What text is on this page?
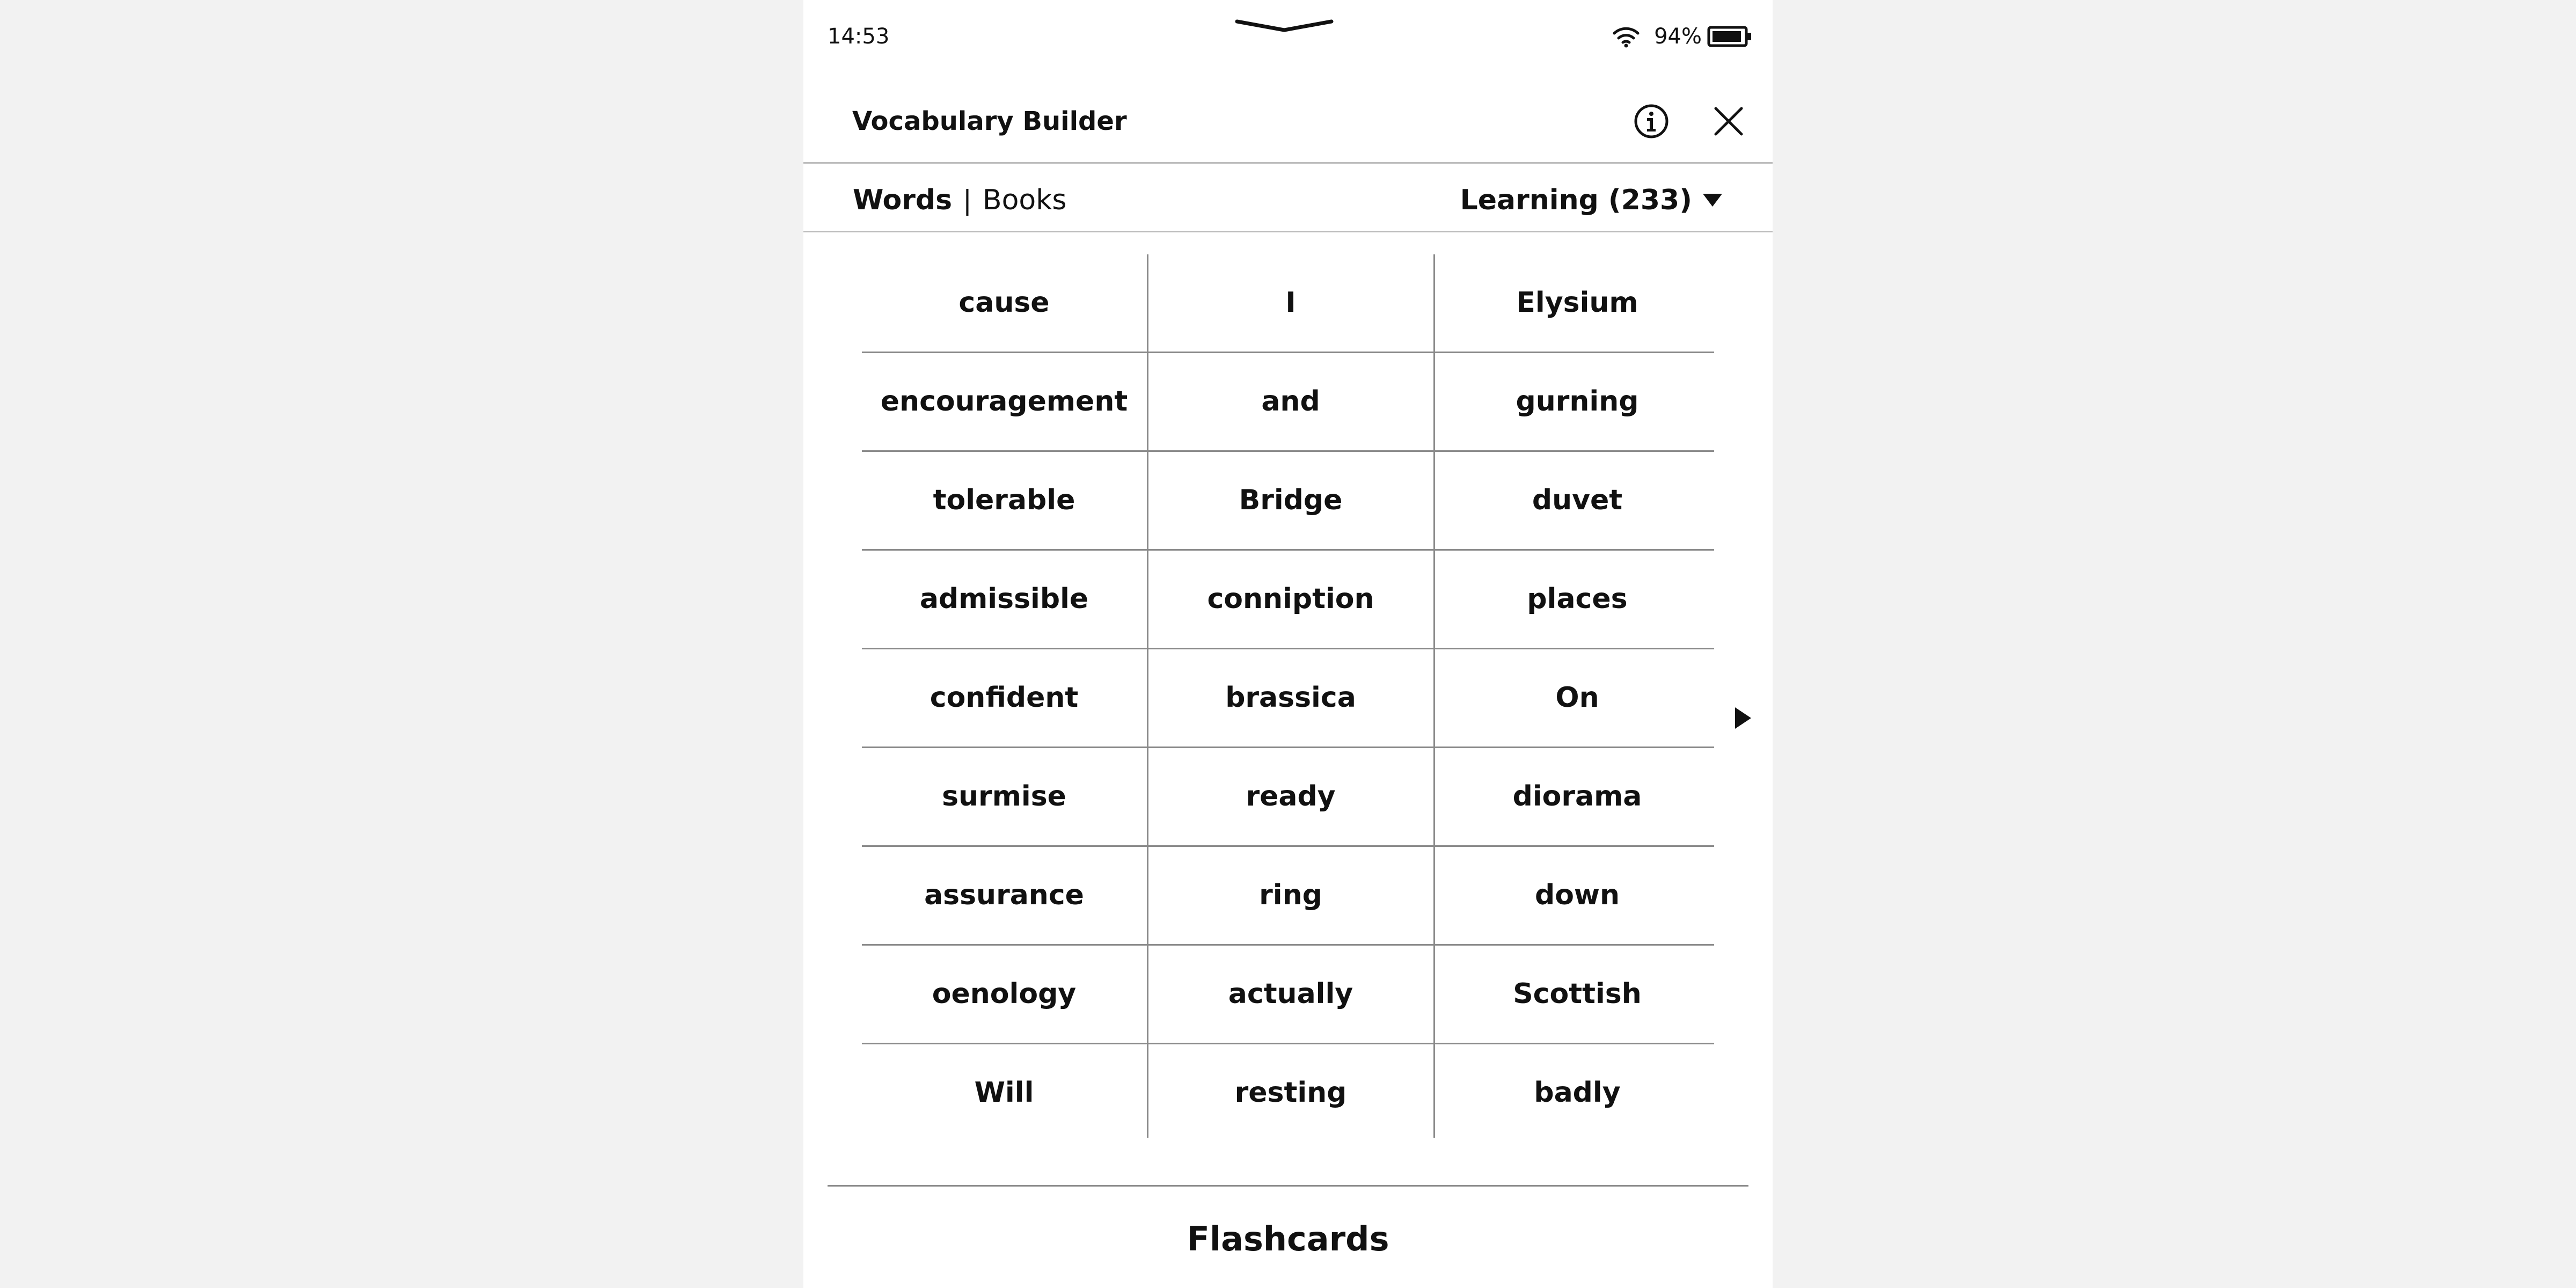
14:53	94%
Vocabulary Builder
Words | Books	Learning (233)
cause	I	Elysium
encouragement	and	gurning
tolerable	Bridge	duvet
admissible	conniption	places
confident	brassica	On
surmise	ready	diorama
assurance	ring	down
oenology	actually	Scottish
Will	resting	badly
Flashcards
